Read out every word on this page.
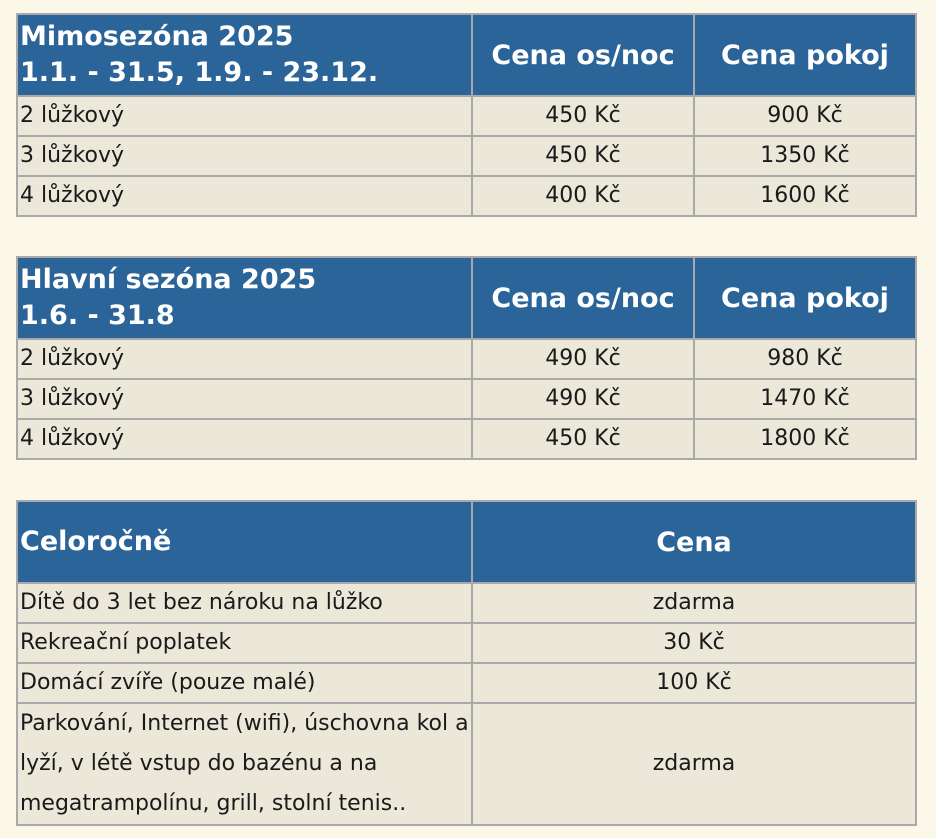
Mimosezóna 2025
1.1. - 31.5, 1.9. - 23.12.	Cena os/noc	Cena pokoj
2 lůžkový	450 Kč	900 Kč
3 lůžkový	450 Kč	1350 Kč
4 lůžkový	400 Kč	1600 Kč
Hlavní sezóna 2025
1.6. - 31.8	Cena os/noc	Cena pokoj
2 lůžkový	490 Kč	980 Kč
3 lůžkový	490 Kč	1470 Kč
4 lůžkový	450 Kč	1800 Kč
Celoročně	Cena
Dítě do 3 let bez nároku na lůžko	zdarma
Rekreační poplatek	30 Kč
Domácí zvíře (pouze malé)	100 Kč
Parkování, Internet (wifi), úschovna kol a lyží, v létě vstup do bazénu a na megatrampolínu, grill, stolní tenis..	zdarma
